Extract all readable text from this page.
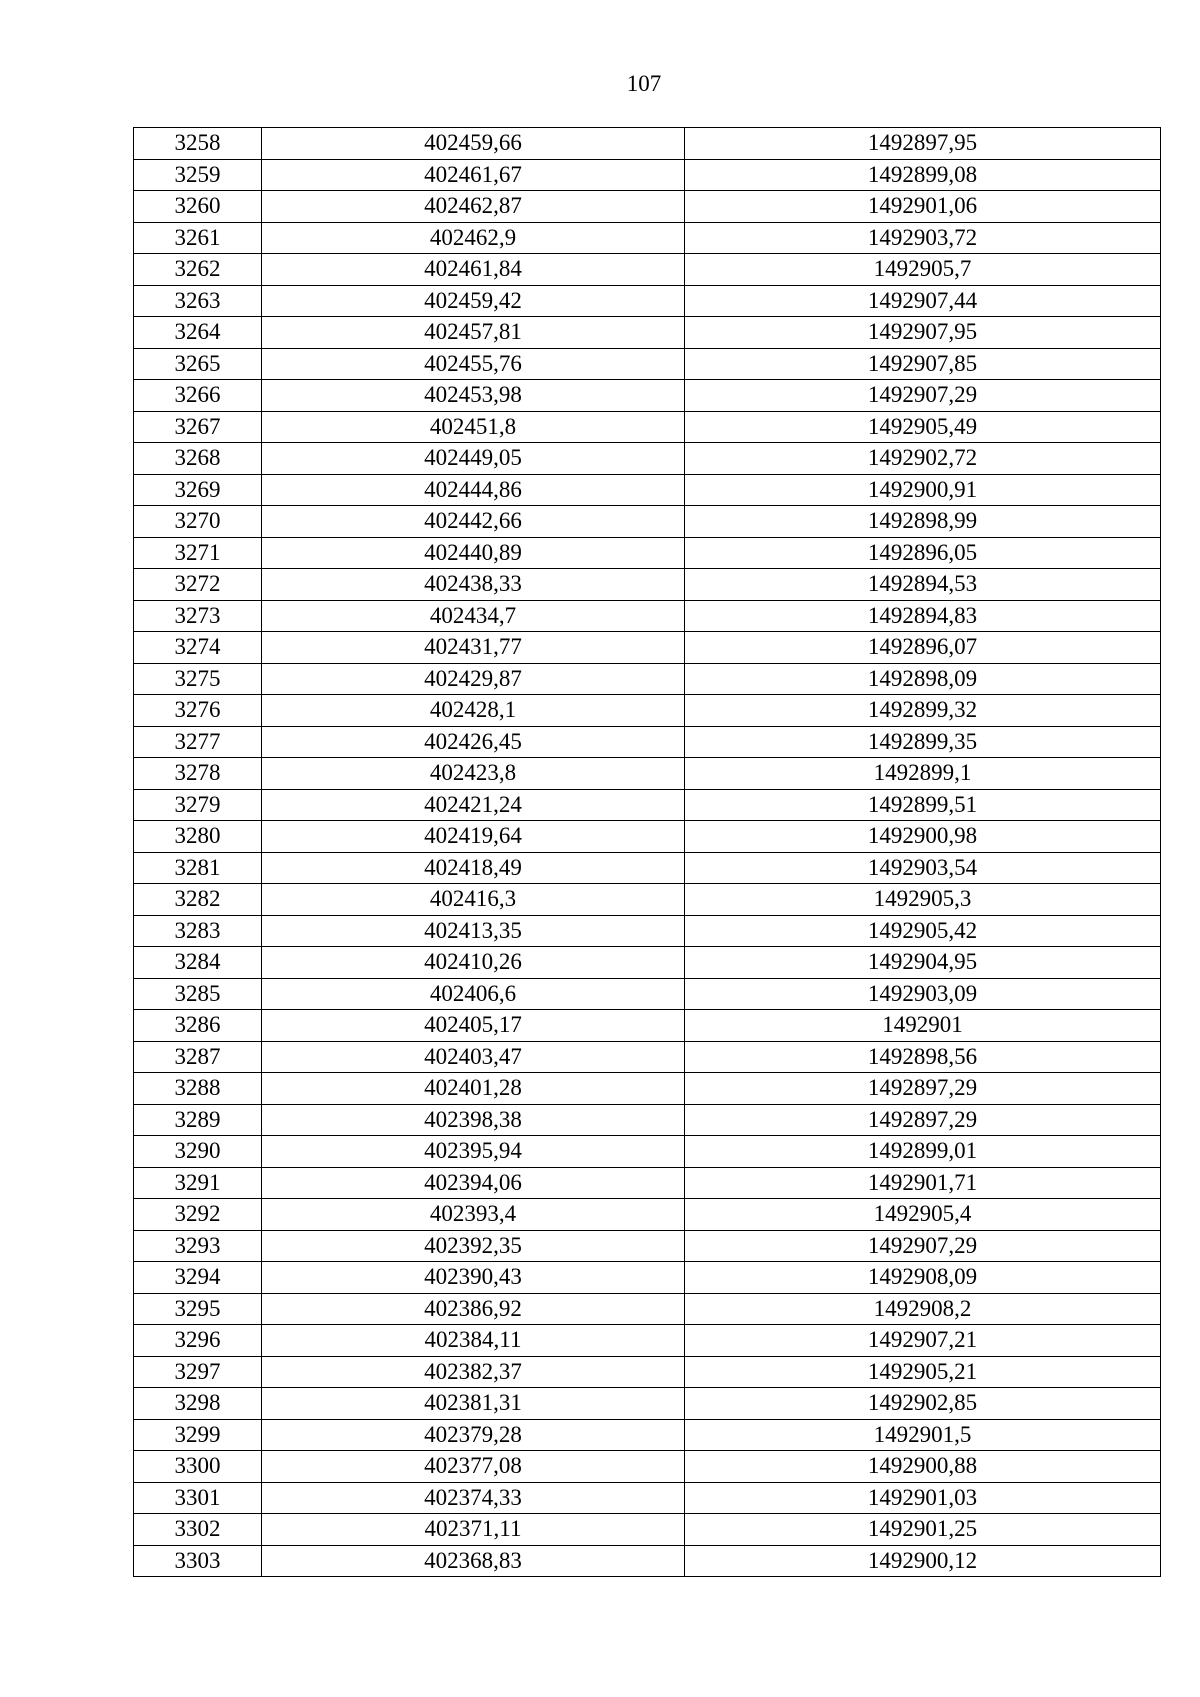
107
3258	402459,66	1492897,95
3259	402461,67	1492899,08
3260	402462,87	1492901,06
3261	402462,9	1492903,72
3262	402461,84	1492905,7
3263	402459,42	1492907,44
3264	402457,81	1492907,95
3265	402455,76	1492907,85
3266	402453,98	1492907,29
3267	402451,8	1492905,49
3268	402449,05	1492902,72
3269	402444,86	1492900,91
3270	402442,66	1492898,99
3271	402440,89	1492896,05
3272	402438,33	1492894,53
3273	402434,7	1492894,83
3274	402431,77	1492896,07
3275	402429,87	1492898,09
3276	402428,1	1492899,32
3277	402426,45	1492899,35
3278	402423,8	1492899,1
3279	402421,24	1492899,51
3280	402419,64	1492900,98
3281	402418,49	1492903,54
3282	402416,3	1492905,3
3283	402413,35	1492905,42
3284	402410,26	1492904,95
3285	402406,6	1492903,09
3286	402405,17	1492901
3287	402403,47	1492898,56
3288	402401,28	1492897,29
3289	402398,38	1492897,29
3290	402395,94	1492899,01
3291	402394,06	1492901,71
3292	402393,4	1492905,4
3293	402392,35	1492907,29
3294	402390,43	1492908,09
3295	402386,92	1492908,2
3296	402384,11	1492907,21
3297	402382,37	1492905,21
3298	402381,31	1492902,85
3299	402379,28	1492901,5
3300	402377,08	1492900,88
3301	402374,33	1492901,03
3302	402371,11	1492901,25
3303	402368,83	1492900,12
